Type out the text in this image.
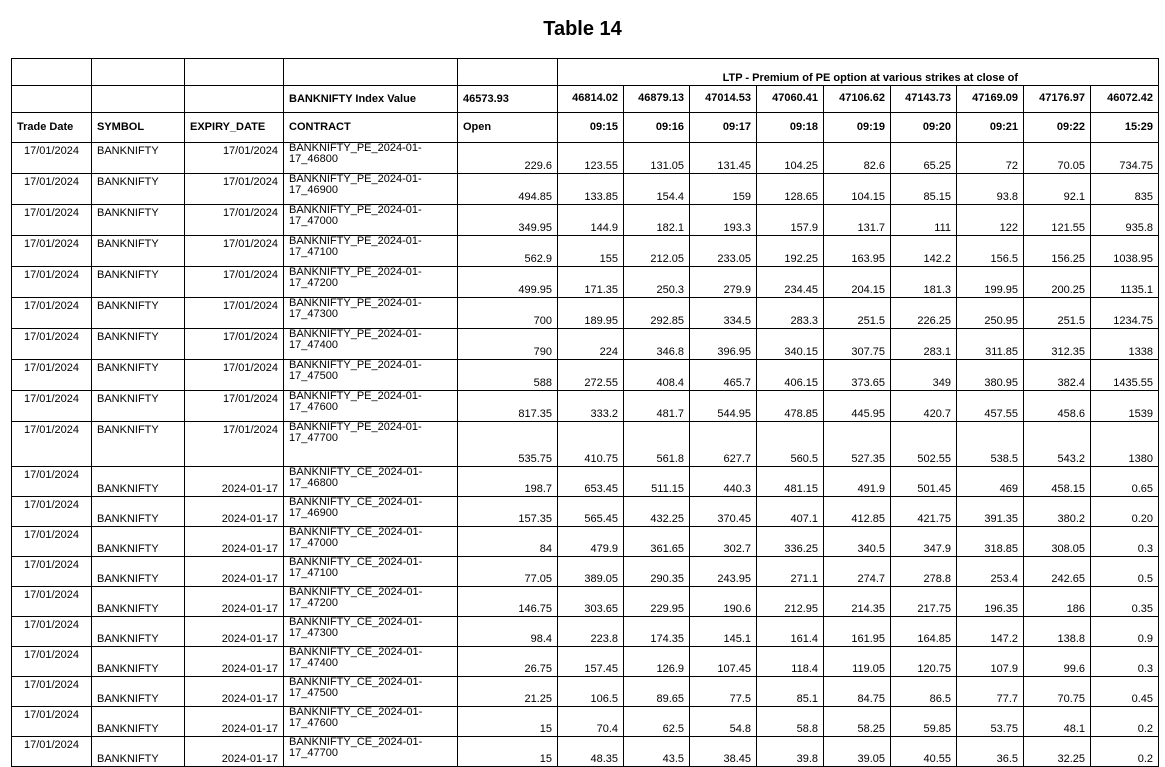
Table 14
					LTP - Premium of PE option at various strikes at close of								
			BANKNIFTY Index Value	46573.93	46814.02	46879.13	47014.53	47060.41	47106.62	47143.73	47169.09	47176.97	46072.42
Trade Date	SYMBOL	EXPIRY_DATE	CONTRACT	Open	09:15	09:16	09:17	09:18	09:19	09:20	09:21	09:22	15:29
17/01/2024	BANKNIFTY	17/01/2024	BANKNIFTY_PE_2024-01-17_46800	229.6	123.55	131.05	131.45	104.25	82.6	65.25	72	70.05	734.75
17/01/2024	BANKNIFTY	17/01/2024	BANKNIFTY_PE_2024-01-17_46900	494.85	133.85	154.4	159	128.65	104.15	85.15	93.8	92.1	835
17/01/2024	BANKNIFTY	17/01/2024	BANKNIFTY_PE_2024-01-17_47000	349.95	144.9	182.1	193.3	157.9	131.7	111	122	121.55	935.8
17/01/2024	BANKNIFTY	17/01/2024	BANKNIFTY_PE_2024-01-17_47100	562.9	155	212.05	233.05	192.25	163.95	142.2	156.5	156.25	1038.95
17/01/2024	BANKNIFTY	17/01/2024	BANKNIFTY_PE_2024-01-17_47200	499.95	171.35	250.3	279.9	234.45	204.15	181.3	199.95	200.25	1135.1
17/01/2024	BANKNIFTY	17/01/2024	BANKNIFTY_PE_2024-01-17_47300	700	189.95	292.85	334.5	283.3	251.5	226.25	250.95	251.5	1234.75
17/01/2024	BANKNIFTY	17/01/2024	BANKNIFTY_PE_2024-01-17_47400	790	224	346.8	396.95	340.15	307.75	283.1	311.85	312.35	1338
17/01/2024	BANKNIFTY	17/01/2024	BANKNIFTY_PE_2024-01-17_47500	588	272.55	408.4	465.7	406.15	373.65	349	380.95	382.4	1435.55
17/01/2024	BANKNIFTY	17/01/2024	BANKNIFTY_PE_2024-01-17_47600	817.35	333.2	481.7	544.95	478.85	445.95	420.7	457.55	458.6	1539
17/01/2024	BANKNIFTY	17/01/2024	BANKNIFTY_PE_2024-01-17_47700	535.75	410.75	561.8	627.7	560.5	527.35	502.55	538.5	543.2	1380
17/01/2024	BANKNIFTY	2024-01-17	BANKNIFTY_CE_2024-01-17_46800	198.7	653.45	511.15	440.3	481.15	491.9	501.45	469	458.15	0.65
17/01/2024	BANKNIFTY	2024-01-17	BANKNIFTY_CE_2024-01-17_46900	157.35	565.45	432.25	370.45	407.1	412.85	421.75	391.35	380.2	0.20
17/01/2024	BANKNIFTY	2024-01-17	BANKNIFTY_CE_2024-01-17_47000	84	479.9	361.65	302.7	336.25	340.5	347.9	318.85	308.05	0.3
17/01/2024	BANKNIFTY	2024-01-17	BANKNIFTY_CE_2024-01-17_47100	77.05	389.05	290.35	243.95	271.1	274.7	278.8	253.4	242.65	0.5
17/01/2024	BANKNIFTY	2024-01-17	BANKNIFTY_CE_2024-01-17_47200	146.75	303.65	229.95	190.6	212.95	214.35	217.75	196.35	186	0.35
17/01/2024	BANKNIFTY	2024-01-17	BANKNIFTY_CE_2024-01-17_47300	98.4	223.8	174.35	145.1	161.4	161.95	164.85	147.2	138.8	0.9
17/01/2024	BANKNIFTY	2024-01-17	BANKNIFTY_CE_2024-01-17_47400	26.75	157.45	126.9	107.45	118.4	119.05	120.75	107.9	99.6	0.3
17/01/2024	BANKNIFTY	2024-01-17	BANKNIFTY_CE_2024-01-17_47500	21.25	106.5	89.65	77.5	85.1	84.75	86.5	77.7	70.75	0.45
17/01/2024	BANKNIFTY	2024-01-17	BANKNIFTY_CE_2024-01-17_47600	15	70.4	62.5	54.8	58.8	58.25	59.85	53.75	48.1	0.2
17/01/2024	BANKNIFTY	2024-01-17	BANKNIFTY_CE_2024-01-17_47700	15	48.35	43.5	38.45	39.8	39.05	40.55	36.5	32.25	0.2
